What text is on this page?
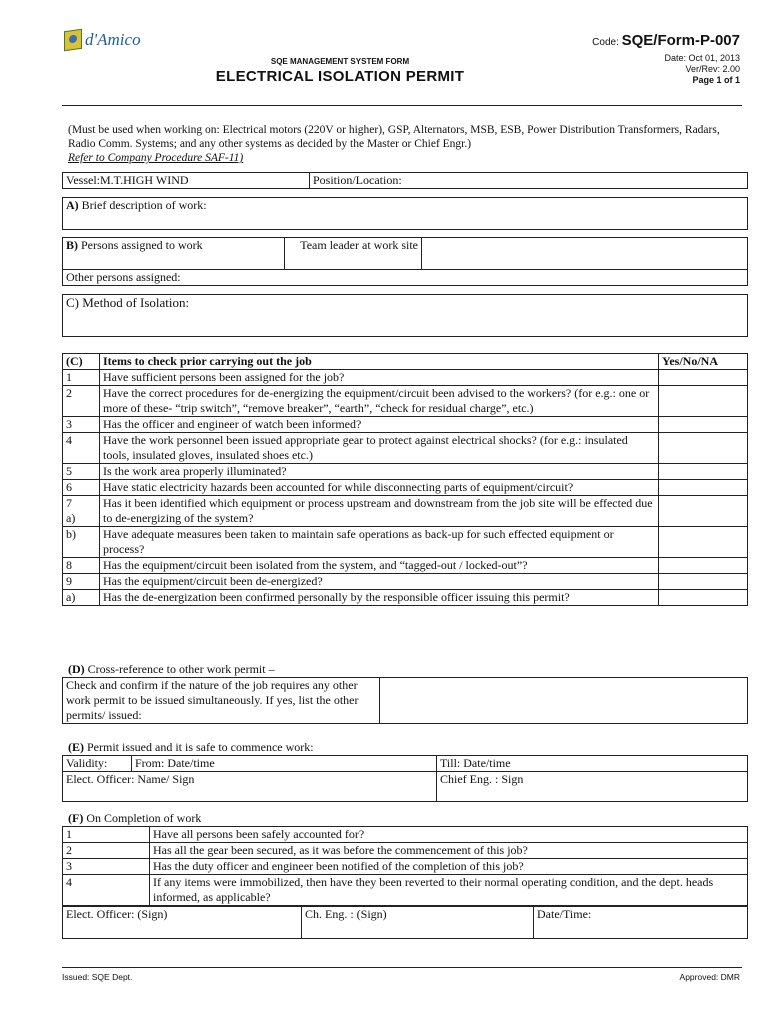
d'Amico	Code: SQE/Form-P-007
Date: Oct 01, 2013
Ver/Rev: 2.00
Page 1 of 1
SQE MANAGEMENT SYSTEM FORM
ELECTRICAL ISOLATION PERMIT
(Must be used when working on: Electrical motors (220V or higher), GSP, Alternators, MSB, ESB, Power Distribution Transformers, Radars, Radio Comm. Systems; and any other systems as decided by the Master or Chief Engr.)
Refer to Company Procedure SAF-11)
Vessel:M.T.HIGH WIND	Position/Location:
A) Brief description of work:
B) Persons assigned to work	Team leader at work site	
Other persons assigned:
C) Method of Isolation:
(C)	Items to check prior carrying out the job	Yes/No/NA
1	Have sufficient persons been assigned for the job?	
2	Have the correct procedures for de-energizing the equipment/circuit been advised to the workers? (for e.g.: one or more of these- “trip switch”, “remove breaker”, “earth”, “check for residual charge”, etc.)	
3	Has the officer and engineer of watch been informed?	
4	Have the work personnel been issued appropriate gear to protect against electrical shocks? (for e.g.: insulated tools, insulated gloves, insulated shoes etc.)	
5	Is the work area properly illuminated?	
6	Have static electricity hazards been accounted for while disconnecting parts of equipment/circuit?	
7
a)	Has it been identified which equipment or process upstream and downstream from the job site will be effected due to de-energizing of the system?	
b)	Have adequate measures been taken to maintain safe operations as back-up for such effected equipment or process?	
8	Has the equipment/circuit been isolated from the system, and “tagged-out / locked-out”?	
9	Has the equipment/circuit been de-energized?	
a)	Has the de-energization been confirmed personally by the responsible officer issuing this permit?	
(D) Cross-reference to other work permit –
Check and confirm if the nature of the job requires any other work permit to be issued simultaneously. If yes, list the other permits/ issued:	
(E) Permit issued and it is safe to commence work:
Validity:	From: Date/time	Till: Date/time
Elect. Officer: Name/ Sign		Chief Eng. : Sign
(F) On Completion of work
1	Have all persons been safely accounted for?
2	Has all the gear been secured, as it was before the commencement of this job?
3	Has the duty officer and engineer been notified of the completion of this job?
4	If any items were immobilized, then have they been reverted to their normal operating condition, and the dept. heads informed, as applicable?
Elect. Officer: (Sign)	Ch. Eng. : (Sign)	Date/Time:
Issued: SQE Dept.	Approved: DMR
